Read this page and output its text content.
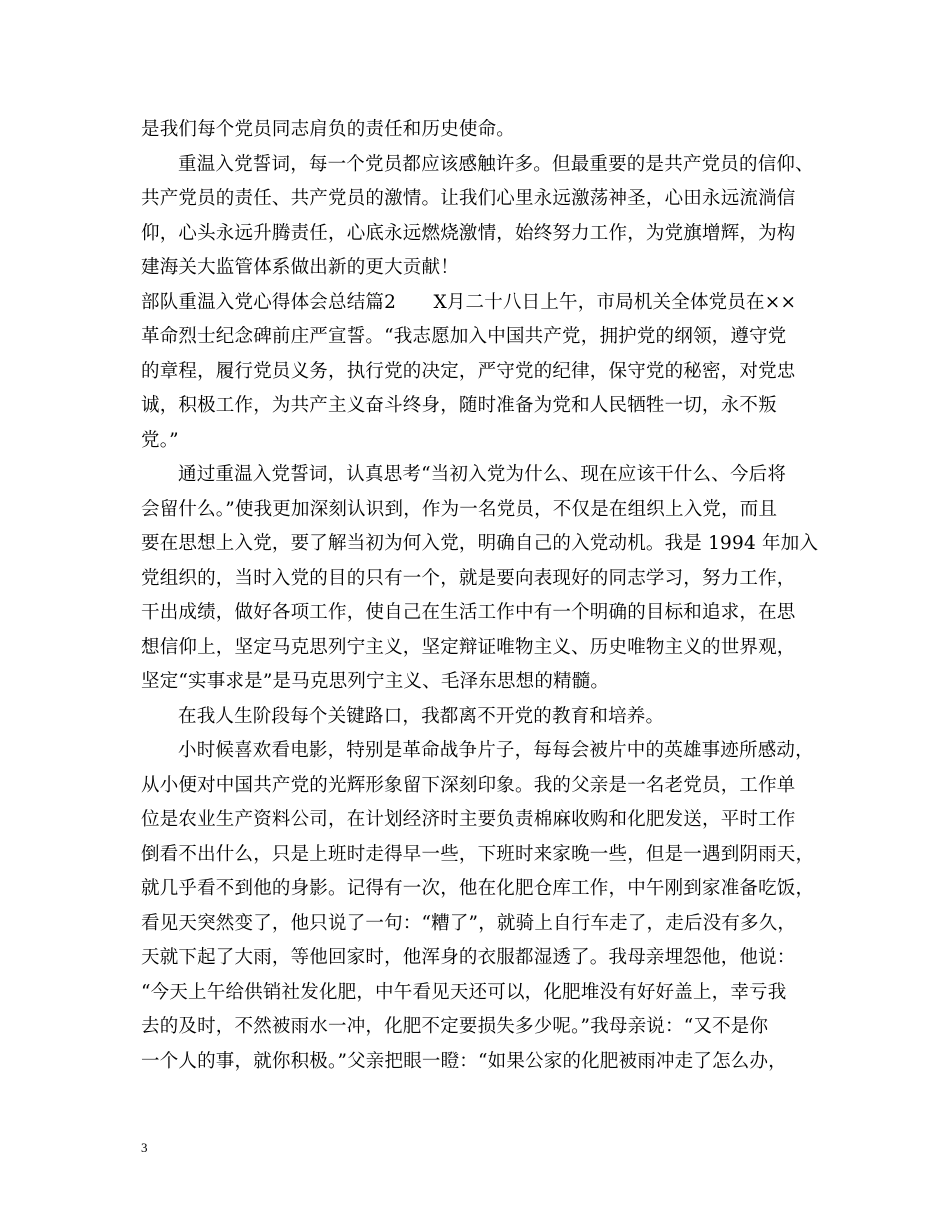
是我们每个党员同志肩负的责任和历史使命。
重温入党誓词，每一个党员都应该感触许多。但最重要的是共产党员的信仰、
共产党员的责任、共产党员的激情。让我们心里永远激荡神圣，心田永远流淌信
仰，心头永远升腾责任，心底永远燃烧激情，始终努力工作，为党旗增辉，为构
建海关大监管体系做出新的更大贡献！
部队重温入党心得体会总结篇2　　X月二十八日上午，市局机关全体党员在××
革命烈士纪念碑前庄严宣誓。“我志愿加入中国共产党，拥护党的纲领，遵守党
的章程，履行党员义务，执行党的决定，严守党的纪律，保守党的秘密，对党忠
诚，积极工作，为共产主义奋斗终身，随时准备为党和人民牺牲一切，永不叛
党。”
通过重温入党誓词，认真思考“当初入党为什么、现在应该干什么、今后将
会留什么。”使我更加深刻认识到，作为一名党员，不仅是在组织上入党，而且
要在思想上入党，要了解当初为何入党，明确自己的入党动机。我是 1994 年加入
党组织的，当时入党的目的只有一个，就是要向表现好的同志学习，努力工作，
干出成绩，做好各项工作，使自己在生活工作中有一个明确的目标和追求，在思
想信仰上，坚定马克思列宁主义，坚定辩证唯物主义、历史唯物主义的世界观，
坚定“实事求是”是马克思列宁主义、毛泽东思想的精髓。
在我人生阶段每个关键路口，我都离不开党的教育和培养。
小时候喜欢看电影，特别是革命战争片子，每每会被片中的英雄事迹所感动，
从小便对中国共产党的光辉形象留下深刻印象。我的父亲是一名老党员，工作单
位是农业生产资料公司，在计划经济时主要负责棉麻收购和化肥发送，平时工作
倒看不出什么，只是上班时走得早一些，下班时来家晚一些，但是一遇到阴雨天，
就几乎看不到他的身影。记得有一次，他在化肥仓库工作，中午刚到家准备吃饭，
看见天突然变了，他只说了一句：“糟了”，就骑上自行车走了，走后没有多久，
天就下起了大雨，等他回家时，他浑身的衣服都湿透了。我母亲埋怨他，他说：
“今天上午给供销社发化肥，中午看见天还可以，化肥堆没有好好盖上，幸亏我
去的及时，不然被雨水一冲，化肥不定要损失多少呢。”我母亲说：“又不是你
一个人的事，就你积极。”父亲把眼一瞪：“如果公家的化肥被雨冲走了怎么办，
3
